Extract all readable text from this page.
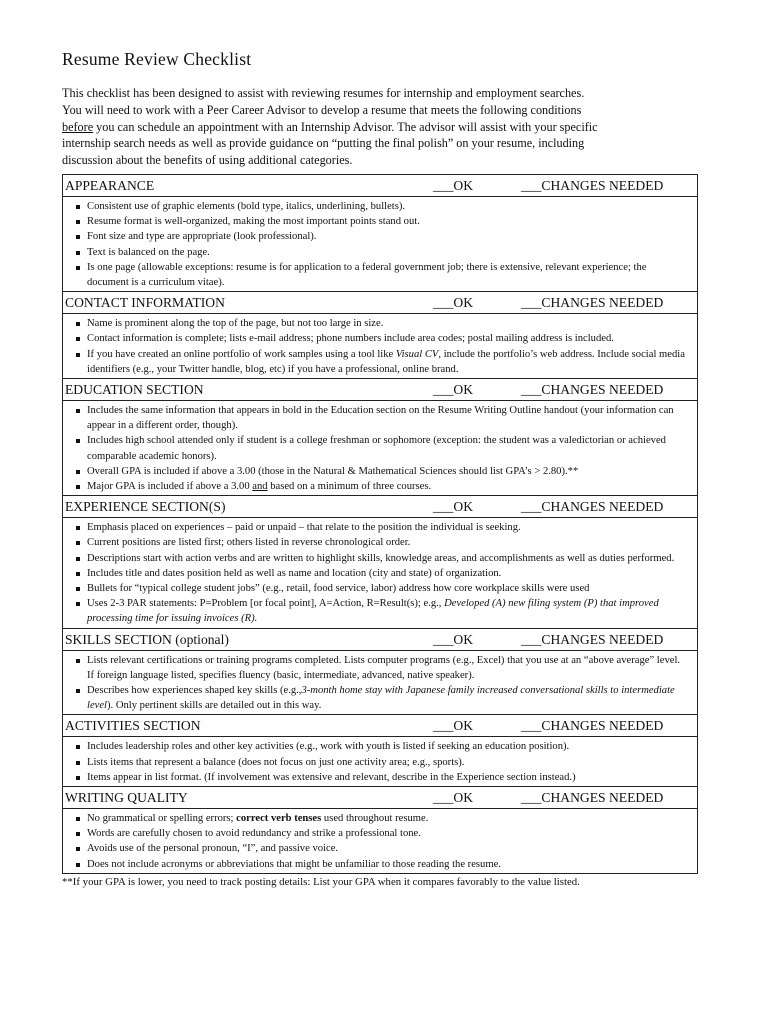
Resume Review Checklist
This checklist has been designed to assist with reviewing resumes for internship and employment searches.
You will need to work with a Peer Career Advisor to develop a resume that meets the following conditions
before you can schedule an appointment with an Internship Advisor. The advisor will assist with your specific
internship search needs as well as provide guidance on “putting the final polish” on your resume, including
discussion about the benefits of using additional categories.
APPEARANCE	___OK	___CHANGES NEEDED

Consistent use of graphic elements (bold type, italics, underlining, bullets).
Resume format is well-organized, making the most important points stand out.
Font size and type are appropriate (look professional).
Text is balanced on the page.
Is one page (allowable exceptions: resume is for application to a federal government job; there is extensive, relevant experience; the document is a curriculum vitae).

CONTACT INFORMATION	___OK	___CHANGES NEEDED

Name is prominent along the top of the page, but not too large in size.
Contact information is complete; lists e-mail address; phone numbers include area codes; postal mailing address is included.
If you have created an online portfolio of work samples using a tool like Visual CV, include the portfolio’s web address. Include social media identifiers (e.g., your Twitter handle, blog, etc) if you have a professional, online brand.

EDUCATION SECTION	___OK	___CHANGES NEEDED

Includes the same information that appears in bold in the Education section on the Resume Writing Outline handout (your information can appear in a different order, though).
Includes high school attended only if student is a college freshman or sophomore (exception: the student was a valedictorian or achieved comparable academic honors).
Overall GPA is included if above a 3.00 (those in the Natural & Mathematical Sciences should list GPA’s > 2.80).**
Major GPA is included if above a 3.00 and based on a minimum of three courses.

EXPERIENCE SECTION(S)	___OK	___CHANGES NEEDED

Emphasis placed on experiences – paid or unpaid – that relate to the position the individual is seeking.
Current positions are listed first; others listed in reverse chronological order.
Descriptions start with action verbs and are written to highlight skills, knowledge areas, and accomplishments as well as duties performed.
Includes title and dates position held as well as name and location (city and state) of organization.
Bullets for “typical college student jobs” (e.g., retail, food service, labor) address how core workplace skills were used
Uses 2-3 PAR statements: P=Problem [or focal point], A=Action, R=Result(s); e.g., Developed (A) new filing system (P) that improved processing time for issuing invoices (R).

SKILLS SECTION (optional)	___OK	___CHANGES NEEDED

Lists relevant certifications or training programs completed. Lists computer programs (e.g., Excel) that you use at an “above average” level. If foreign language listed, specifies fluency (basic, intermediate, advanced, native speaker).
Describes how experiences shaped key skills (e.g.,3-month home stay with Japanese family increased conversational skills to intermediate level). Only pertinent skills are detailed out in this way.

ACTIVITIES SECTION	___OK	___CHANGES NEEDED

Includes leadership roles and other key activities (e.g., work with youth is listed if seeking an education position).
Lists items that represent a balance (does not focus on just one activity area; e.g., sports).
Items appear in list format. (If involvement was extensive and relevant, describe in the Experience section instead.)

WRITING QUALITY	___OK	___CHANGES NEEDED

No grammatical or spelling errors; correct verb tenses used throughout resume.
Words are carefully chosen to avoid redundancy and strike a professional tone.
Avoids use of the personal pronoun, “I”, and passive voice.
Does not include acronyms or abbreviations that might be unfamiliar to those reading the resume.
**If your GPA is lower, you need to track posting details: List your GPA when it compares favorably to the value listed.
